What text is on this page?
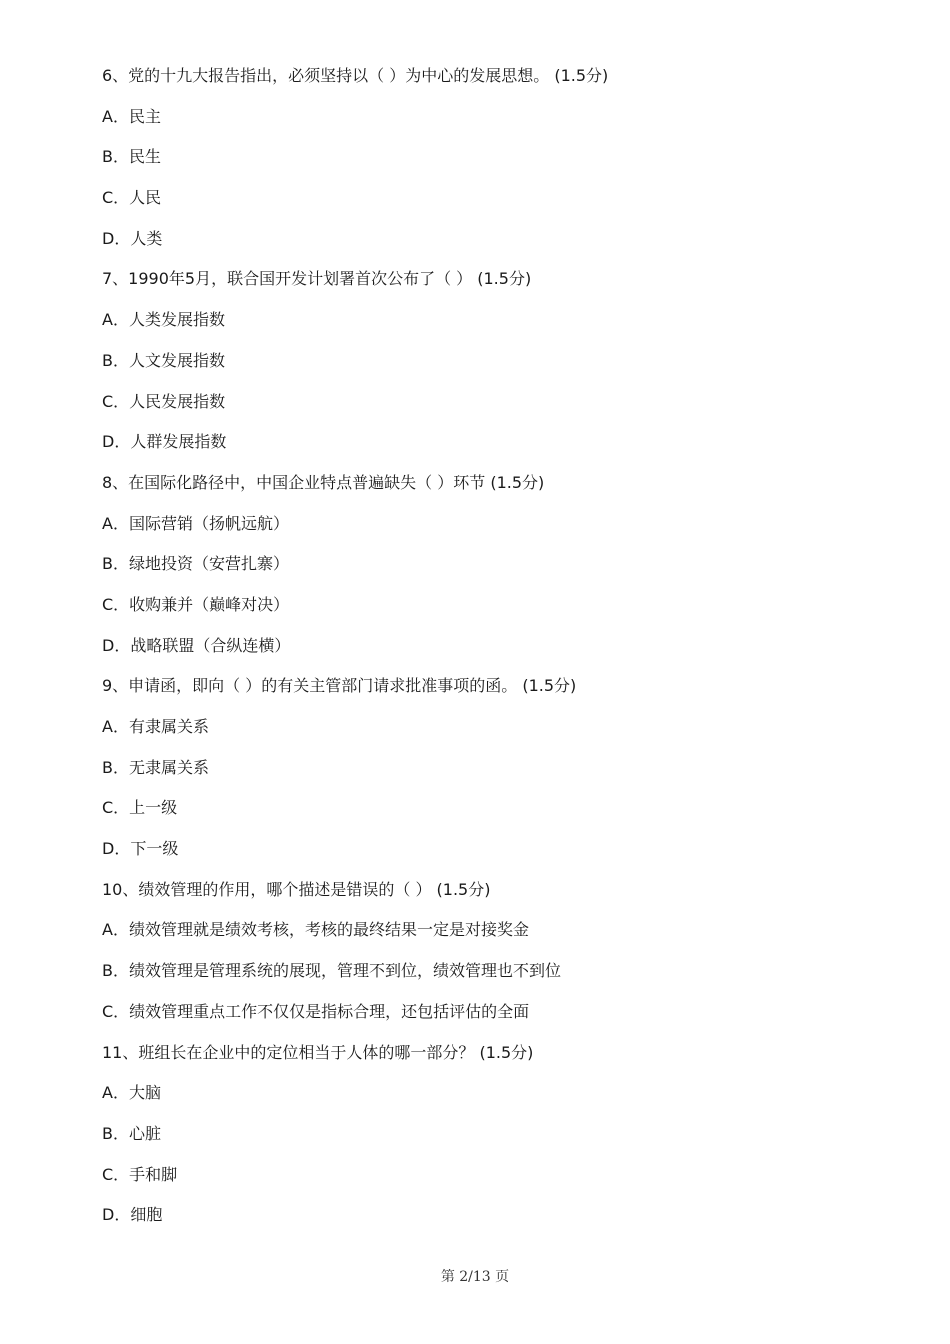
6、党的十九大报告指出，必须坚持以（ ）为中心的发展思想。 (1.5分)
A．民主
B．民生
C．人民
D．人类
7、1990年5月，联合国开发计划署首次公布了（ ） (1.5分)
A．人类发展指数
B．人文发展指数
C．人民发展指数
D．人群发展指数
8、在国际化路径中，中国企业特点普遍缺失（ ）环节 (1.5分)
A．国际营销（扬帆远航）
B．绿地投资（安营扎寨）
C．收购兼并（巅峰对决）
D．战略联盟（合纵连横）
9、申请函，即向（ ）的有关主管部门请求批准事项的函。 (1.5分)
A．有隶属关系
B．无隶属关系
C．上一级
D．下一级
10、绩效管理的作用，哪个描述是错误的（ ） (1.5分)
A．绩效管理就是绩效考核，考核的最终结果一定是对接奖金
B．绩效管理是管理系统的展现，管理不到位，绩效管理也不到位
C．绩效管理重点工作不仅仅是指标合理，还包括评估的全面
11、班组长在企业中的定位相当于人体的哪一部分？ (1.5分)
A．大脑
B．心脏
C．手和脚
D．细胞
第 2/13 页
